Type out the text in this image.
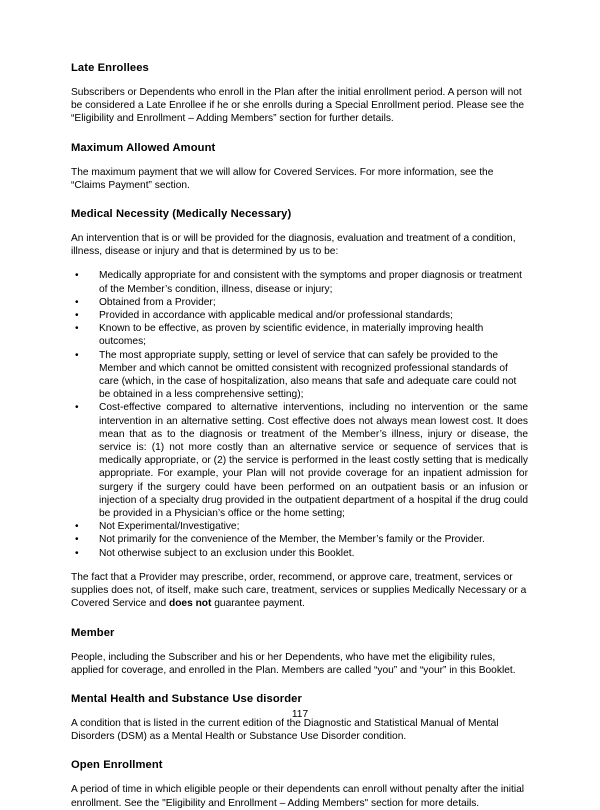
Late Enrollees

Subscribers or Dependents who enroll in the Plan after the initial enrollment period. A person will not be considered a Late Enrollee if he or she enrolls during a Special Enrollment period. Please see the “Eligibility and Enrollment – Adding Members” section for further details.

Maximum Allowed Amount

The maximum payment that we will allow for Covered Services. For more information, see the “Claims Payment” section.

Medical Necessity (Medically Necessary)

An intervention that is or will be provided for the diagnosis, evaluation and treatment of a condition, illness, disease or injury and that is determined by us to be:

• Medically appropriate for and consistent with the symptoms and proper diagnosis or treatment of the Member’s condition, illness, disease or injury;
• Obtained from a Provider;
• Provided in accordance with applicable medical and/or professional standards;
• Known to be effective, as proven by scientific evidence, in materially improving health outcomes;
• The most appropriate supply, setting or level of service that can safely be provided to the Member and which cannot be omitted consistent with recognized professional standards of care (which, in the case of hospitalization, also means that safe and adequate care could not be obtained in a less comprehensive setting);
• Cost-effective compared to alternative interventions, including no intervention or the same intervention in an alternative setting. Cost effective does not always mean lowest cost. It does mean that as to the diagnosis or treatment of the Member’s illness, injury or disease, the service is: (1) not more costly than an alternative service or sequence of services that is medically appropriate, or (2) the service is performed in the least costly setting that is medically appropriate. For example, your Plan will not provide coverage for an inpatient admission for surgery if the surgery could have been performed on an outpatient basis or an infusion or injection of a specialty drug provided in the outpatient department of a hospital if the drug could be provided in a Physician’s office or the home setting;
• Not Experimental/Investigative;
• Not primarily for the convenience of the Member, the Member’s family or the Provider.
• Not otherwise subject to an exclusion under this Booklet.

The fact that a Provider may prescribe, order, recommend, or approve care, treatment, services or supplies does not, of itself, make such care, treatment, services or supplies Medically Necessary or a Covered Service and does not guarantee payment.

Member

People, including the Subscriber and his or her Dependents, who have met the eligibility rules, applied for coverage, and enrolled in the Plan. Members are called “you” and “your” in this Booklet.

Mental Health and Substance Use disorder

A condition that is listed in the current edition of the Diagnostic and Statistical Manual of Mental Disorders (DSM) as a Mental Health or Substance Use Disorder condition.

Open Enrollment

A period of time in which eligible people or their dependents can enroll without penalty after the initial enrollment. See the "Eligibility and Enrollment – Adding Members" section for more details.

117
